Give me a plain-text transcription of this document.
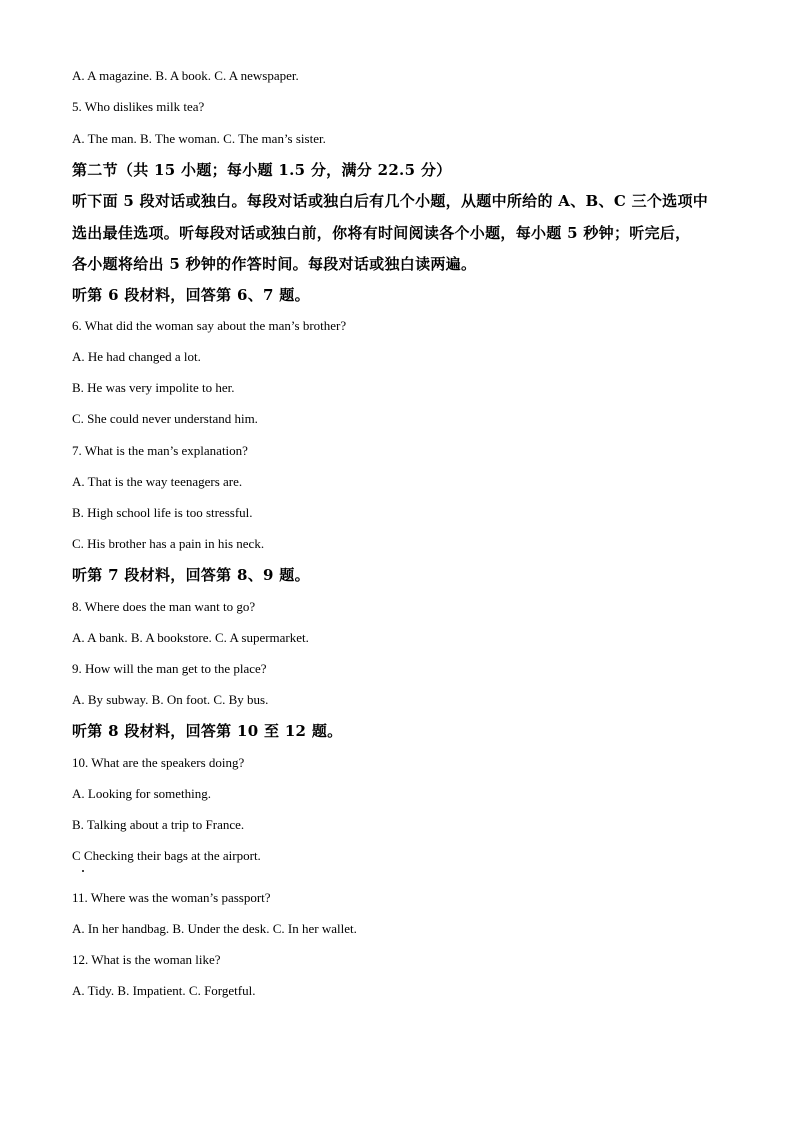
A. A magazine. B. A book. C. A newspaper.
5. Who dislikes milk tea?
A. The man. B. The woman. C. The man’s sister.
第二节（共 15 小题；每小题 1.5 分，满分 22.5 分）
听下面 5 段对话或独白。每段对话或独白后有几个小题，从题中所给的 A、B、C 三个选项中
选出最佳选项。听每段对话或独白前，你将有时间阅读各个小题，每小题 5 秒钟；听完后，
各小题将给出 5 秒钟的作答时间。每段对话或独白读两遍。
听第 6 段材料，回答第 6、7 题。
6. What did the woman say about the man’s brother?
A. He had changed a lot.
B. He was very impolite to her.
C. She could never understand him.
7. What is the man’s explanation?
A. That is the way teenagers are.
B. High school life is too stressful.
C. His brother has a pain in his neck.
听第 7 段材料，回答第 8、9 题。
8. Where does the man want to go?
A. A bank. B. A bookstore. C. A supermarket.
9. How will the man get to the place?
A. By subway. B. On foot. C. By bus.
听第 8 段材料，回答第 10 至 12 题。
10. What are the speakers doing?
A. Looking for something.
B. Talking about a trip to France.
C Checking their bags at the airport.
11. Where was the woman’s passport?
A. In her handbag. B. Under the desk. C. In her wallet.
12. What is the woman like?
A. Tidy. B. Impatient. C. Forgetful.
